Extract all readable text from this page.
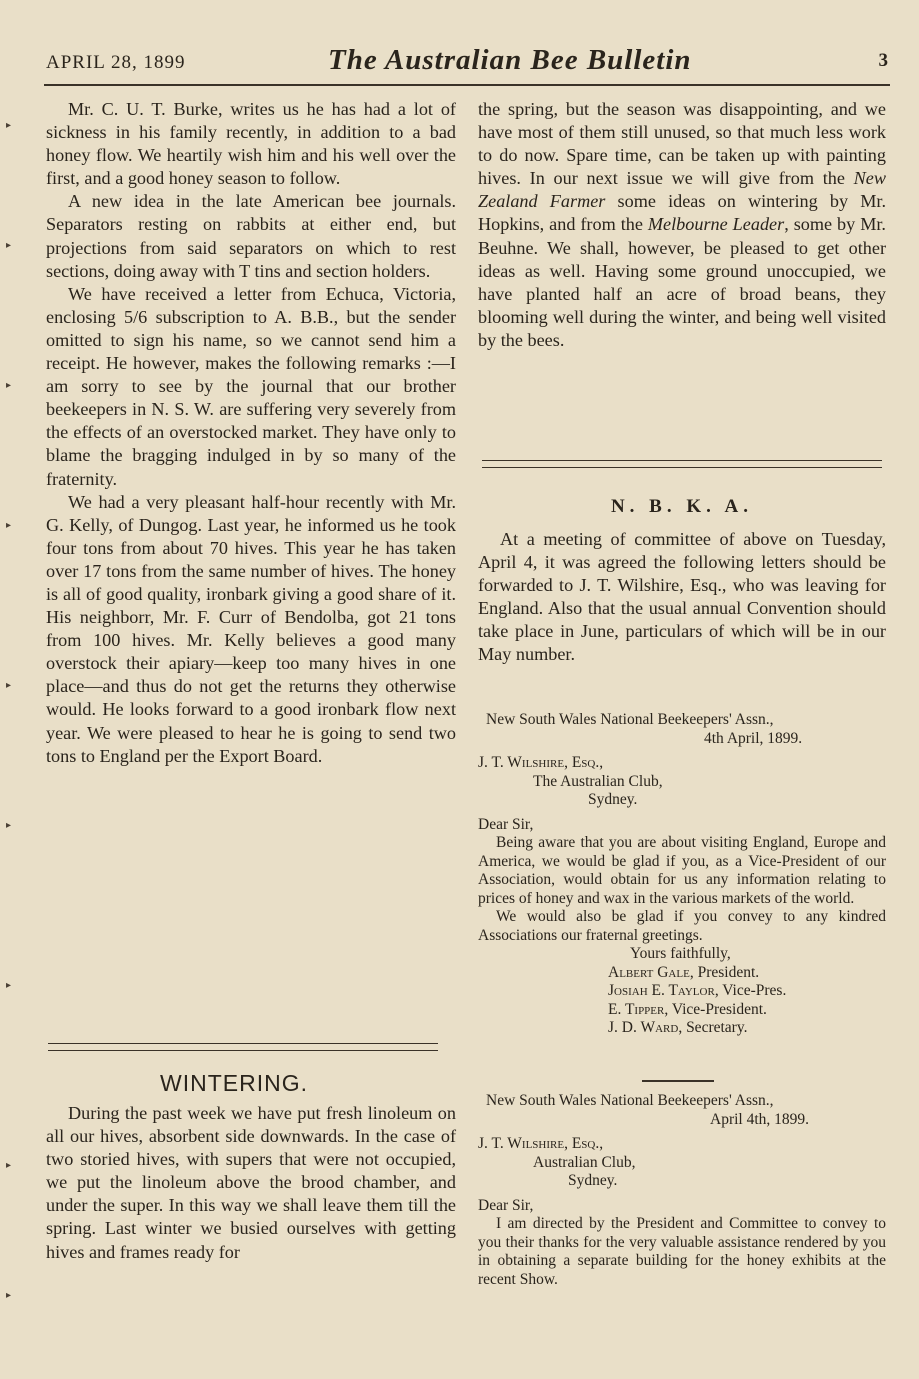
APRIL 28, 1899	The Australian Bee Bulletin	3

Mr. C. U. T. Burke, writes us he has had a lot of sickness in his family recently, in addition to a bad honey flow. We heartily wish him and his well over the first, and a good honey season to follow.

A new idea in the late American bee journals. Separators resting on rabbits at either end, but projections from said separators on which to rest sections, doing away with T tins and section holders.

We have received a letter from Echuca, Victoria, enclosing 5/6 subscription to A. B.B., but the sender omitted to sign his name, so we cannot send him a receipt. He however, makes the following remarks :—I am sorry to see by the journal that our brother beekeepers in N. S. W. are suffering very severely from the effects of an overstocked market. They have only to blame the bragging indulged in by so many of the fraternity.

We had a very pleasant half-hour recently with Mr. G. Kelly, of Dungog. Last year, he informed us he took four tons from about 70 hives. This year he has taken over 17 tons from the same number of hives. The honey is all of good quality, ironbark giving a good share of it. His neighborr, Mr. F. Curr of Bendolba, got 21 tons from 100 hives. Mr. Kelly believes a good many overstock their apiary—keep too many hives in one place—and thus do not get the returns they otherwise would. He looks forward to a good ironbark flow next year. We were pleased to hear he is going to send two tons to England per the Export Board.

WINTERING.

During the past week we have put fresh linoleum on all our hives, absorbent side downwards. In the case of two storied hives, with supers that were not occupied, we put the linoleum above the brood chamber, and under the super. In this way we shall leave them till the spring. Last winter we busied ourselves with getting hives and frames ready for

the spring, but the season was disappointing, and we have most of them still unused, so that much less work to do now. Spare time, can be taken up with painting hives. In our next issue we will give from the New Zealand Farmer some ideas on wintering by Mr. Hopkins, and from the Melbourne Leader, some by Mr. Beuhne. We shall, however, be pleased to get other ideas as well. Having some ground unoccupied, we have planted half an acre of broad beans, they blooming well during the winter, and being well visited by the bees.

N. B. K. A.

At a meeting of committee of above on Tuesday, April 4, it was agreed the following letters should be forwarded to J. T. Wilshire, Esq., who was leaving for England. Also that the usual annual Convention should take place in June, particulars of which will be in our May number.

New South Wales National Beekeepers' Assn.,
4th April, 1899.
J. T. Wilshire, Esq.,
The Australian Club,
Sydney.
Dear Sir,

Being aware that you are about visiting England, Europe and America, we would be glad if you, as a Vice-President of our Association, would obtain for us any information relating to prices of honey and wax in the various markets of the world.

We would also be glad if you convey to any kindred Associations our fraternal greetings.

Yours faithfully,
Albert Gale, President.
Josiah E. Taylor, Vice-Pres.
E. Tipper, Vice-President.
J. D. Ward, Secretary.
New South Wales National Beekeepers' Assn.,
April 4th, 1899.
J. T. Wilshire, Esq.,
Australian Club,
Sydney.
Dear Sir,

I am directed by the President and Committee to convey to you their thanks for the very valuable assistance rendered by you in obtaining a separate building for the honey exhibits at the recent Show.

▸
▸
▸
▸
▸
▸
▸
▸
▸
